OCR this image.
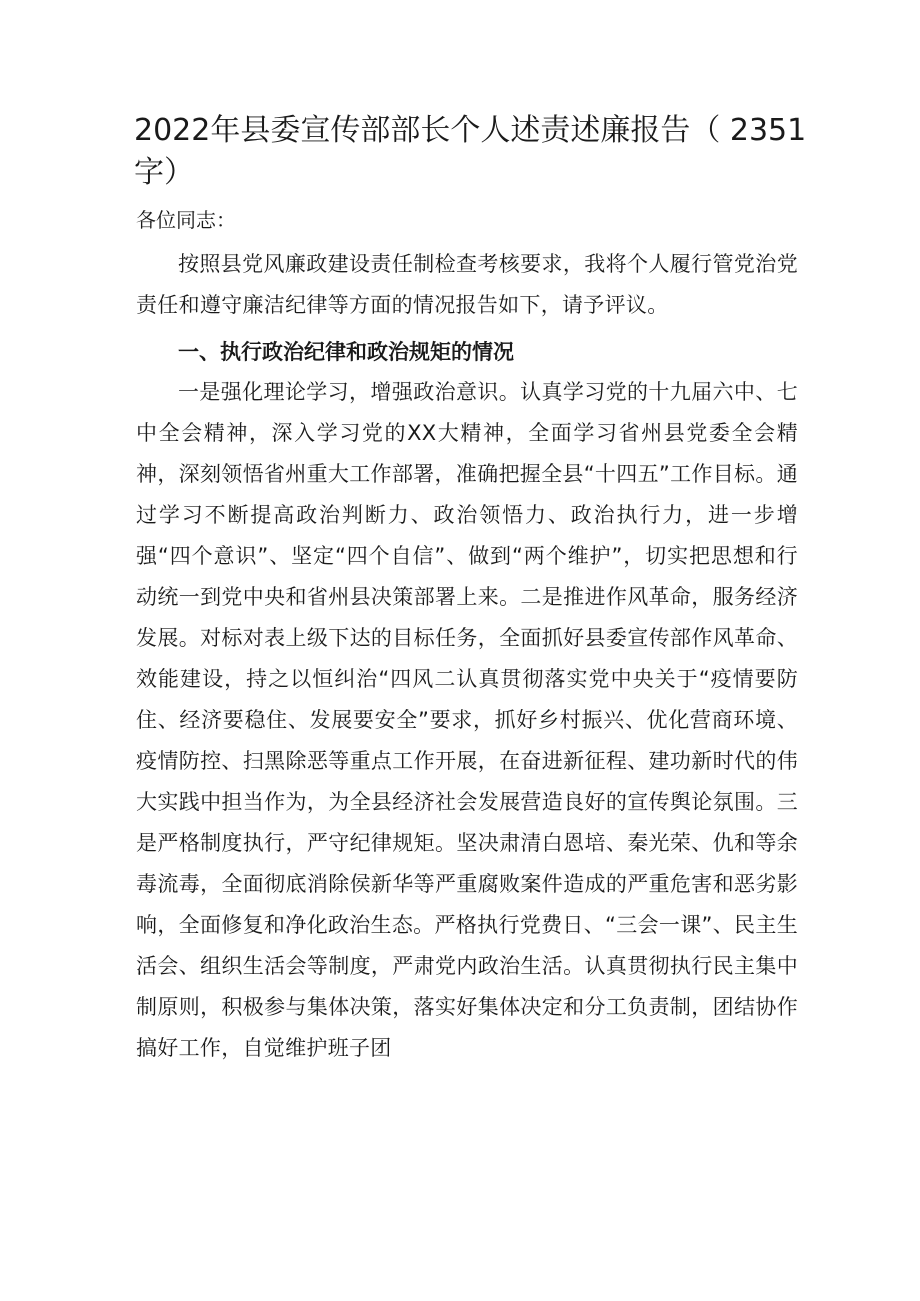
2022年县委宣传部部长个人述责述廉报告（ 2351字）

各位同志：

按照县党风廉政建设责任制检查考核要求，我将个人履行管党治党责任和遵守廉洁纪律等方面的情况报告如下，请予评议。

一、执行政治纪律和政治规矩的情况

一是强化理论学习，增强政治意识。认真学习党的十九届六中、七中全会精神，深入学习党的XX大精神，全面学习省州县党委全会精神，深刻领悟省州重大工作部署，准确把握全县“十四五”工作目标。通过学习不断提高政治判断力、政治领悟力、政治执行力，进一步增强“四个意识”、坚定“四个自信”、做到“两个维护”，切实把思想和行动统一到党中央和省州县决策部署上来。二是推进作风革命，服务经济发展。对标对表上级下达的目标任务，全面抓好县委宣传部作风革命、效能建设，持之以恒纠治“四风二认真贯彻落实党中央关于“疫情要防住、经济要稳住、发展要安全”要求，抓好乡村振兴、优化营商环境、疫情防控、扫黑除恶等重点工作开展，在奋进新征程、建功新时代的伟大实践中担当作为，为全县经济社会发展营造良好的宣传舆论氛围。三是严格制度执行，严守纪律规矩。坚决肃清白恩培、秦光荣、仇和等余毒流毒，全面彻底消除侯新华等严重腐败案件造成的严重危害和恶劣影响，全面修复和净化政治生态。严格执行党费日、“三会一课”、民主生活会、组织生活会等制度，严肃党内政治生活。认真贯彻执行民主集中制原则，积极参与集体决策，落实好集体决定和分工负责制，团结协作搞好工作，自觉维护班子团
